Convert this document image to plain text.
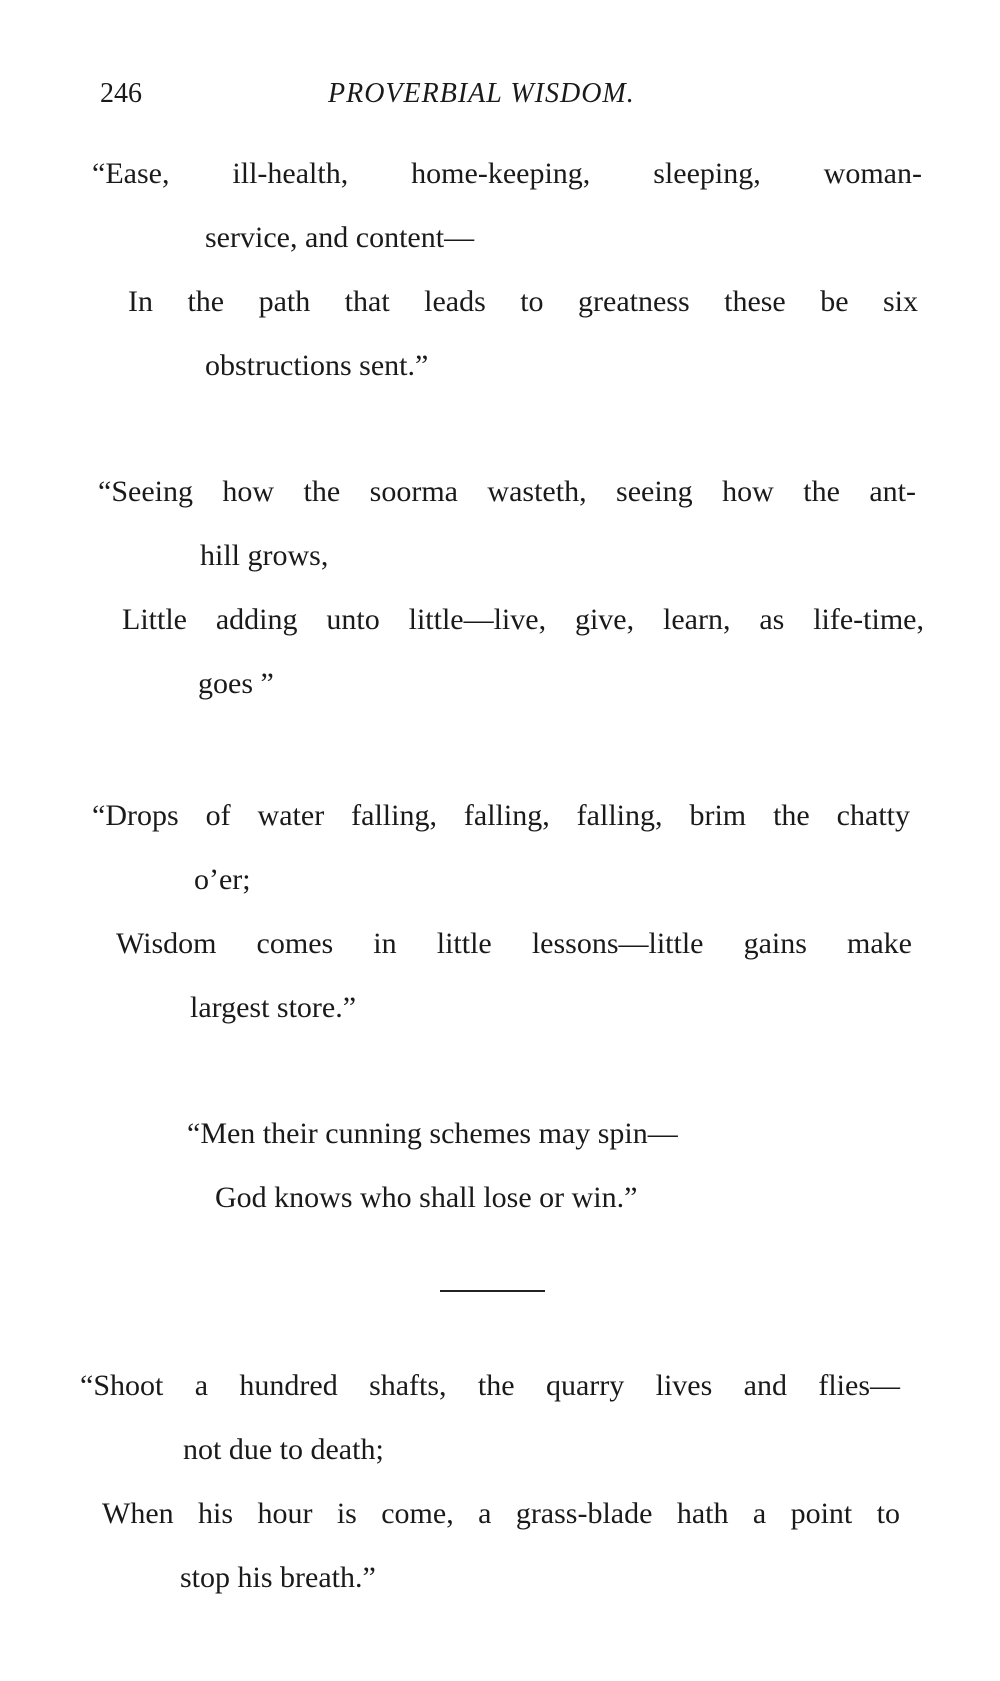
246	PROVERBIAL WISDOM.
“Ease, ill-health, home-keeping, sleeping, woman-
service, and content—
In the path that leads to greatness these be six
obstructions sent.”
“Seeing how the soorma wasteth, seeing how the ant-
hill grows,
Little adding unto little—live, give, learn, as life-time,
goes ”
“Drops of water falling, falling, falling, brim the chatty
o’er;
Wisdom comes in little lessons—little gains make
largest store.”
“Men their cunning schemes may spin—
God knows who shall lose or win.”
“Shoot a hundred shafts, the quarry lives and flies—
not due to death;
When his hour is come, a grass-blade hath a point to
stop his breath.”
